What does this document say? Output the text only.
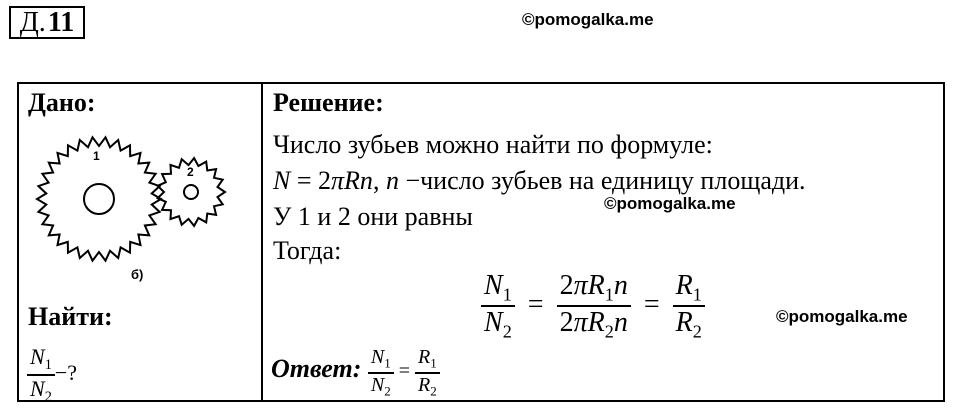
Д. 11	©pomogalka.me
Дано:
1
2
б)
Найти:
$\frac{N_1}{N_2}$ −?

Решение:
Число зубьев можно найти по формуле:
N = 2πRn, n −число зубьев на единицу площади.
У 1 и 2 они равны
Тогда:
$\frac{N_1}{N_2} = \frac{2\pi R_1n}{2\pi R_2n} = \frac{R_1}{R_2}$
Ответ: $\frac{N_1}{N_2} = \frac{R_1}{R_2}$
©pomogalka.me
©pomogalka.me
